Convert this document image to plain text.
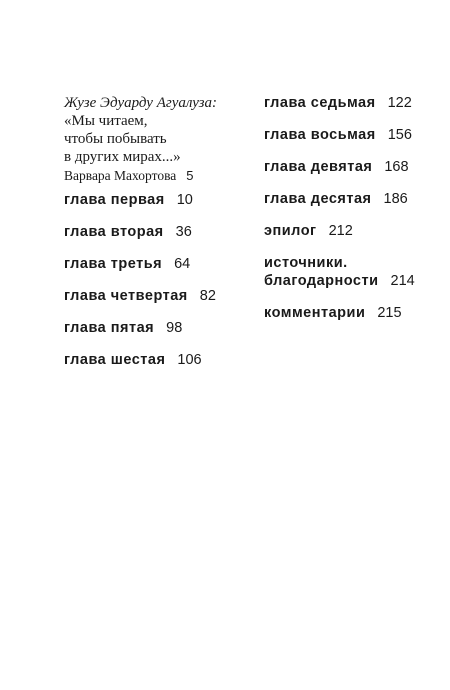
Жузе Эдуарду Агуалуза:
«Мы читаем,
чтобы побывать
в других мирах...»
Варвара Махортова 5
глава первая 10
глава вторая 36
глава третья 64
глава четвертая 82
глава пятая 98
глава шестая 106
глава седьмая 122
глава восьмая 156
глава девятая 168
глава десятая 186
эпилог 212
источники.
благодарности 214
комментарии 215
